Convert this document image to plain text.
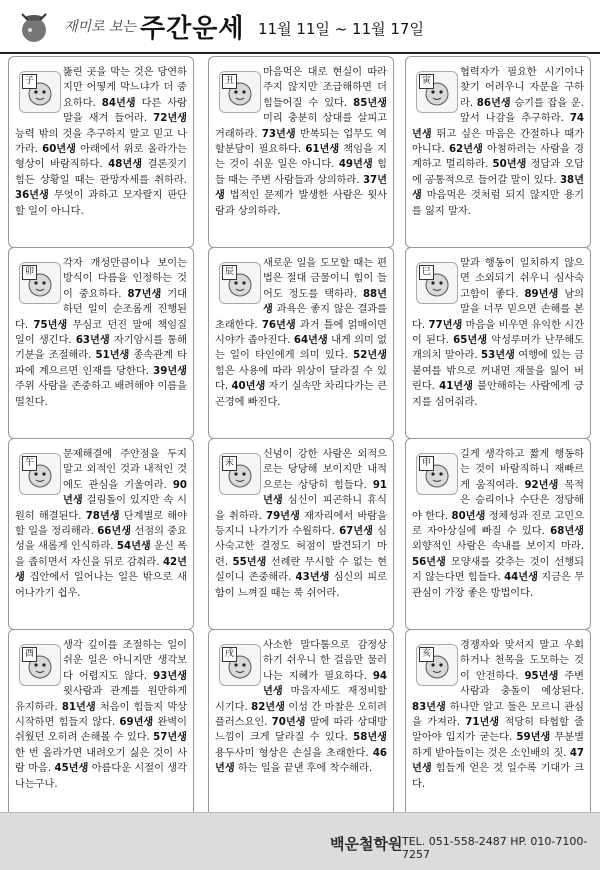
재미로 보는 주간운세 11월 11일 ~ 11월 17일
子
뚫린 곳을 막는 것은 당연하지만 어떻게 막느냐가 더 중요하다. 84년생 다른 사람 말을 새겨 들어라. 72년생 능력 밖의 것을 추구하지 말고 믿고 나가라. 60년생 아래에서 위로 올라가는 형상이 바람직하다. 48년생 결론짓기 힘든 상황일 때는 관망자세를 취하라. 36년생 무엇이 과하고 모자랄지 판단할 일이 아니다.
丑
마음먹은 대로 현실이 따라주지 않지만 조급해하면 더 힘들어질 수 있다. 85년생 미리 충분히 상대를 살피고 거래하라. 73년생 반복되는 업무도 역할분담이 필요하다. 61년생 책임을 지는 것이 쉬운 일은 아니다. 49년생 힘들 때는 주변 사람들과 상의하라. 37년생 법적인 문제가 발생한 사람은 윗사람과 상의하라.
寅
협력자가 필요한 시기이나 찾기 어려우니 자문을 구하라. 86년생 승기를 잡을 운. 앞서 나감을 추구하라. 74년생 뛰고 싶은 마음은 간절하나 때가 아니다. 62년생 아첨하려는 사람을 경계하고 멀리하라. 50년생 정답과 오답에 공통적으로 들어갈 말이 있다. 38년생 마음먹은 것처럼 되지 않지만 용기를 잃지 말자.
卯
각자 개성만큼이나 보이는 방식이 다름을 인정하는 것이 중요하다. 87년생 기대하던 일이 순조롭게 진행된다. 75년생 무심코 던진 말에 책임질 일이 생긴다. 63년생 자기암시를 통해 기분을 조절해라. 51년생 종속관계 타파에 계으르면 인재를 당한다. 39년생 주위 사람을 존중하고 배려해야 이름을 떨친다.
辰
새로운 일을 도모할 때는 편법은 절대 금물이니 힘이 들어도 정도를 택하라. 88년생 과욕은 좋지 않은 결과를 초래한다. 76년생 과거 틀에 얽매이면 시야가 좁아진다. 64년생 내게 의미 없는 일이 타인에게 의미 있다. 52년생 힘은 사용에 따라 위상이 달라질 수 있다. 40년생 자기 실속만 차리다가는 큰 곤경에 빠진다.
巳
말과 행동이 일치하지 않으면 소외되기 쉬우니 심사숙고함이 좋다. 89년생 남의 말을 너무 믿으면 손해를 본다. 77년생 마음을 비우면 유익한 시간이 된다. 65년생 악성루머가 난무해도 개의치 말아라. 53년생 여행에 있는 금붙여를 밖으로 꺼내면 재물을 잃어 버린다. 41년생 불안해하는 사람에게 긍지를 심어줘라.
午
문제해결에 주안점을 두지 말고 외적인 것과 내적인 것에도 관심을 기울여라. 90년생 걸림돌이 있지만 속 시원히 해결된다. 78년생 단계별로 해야 할 일을 정리해라. 66년생 선점의 중요성을 새롭게 인식하라. 54년생 운신 폭을 좁히면서 자신을 뒤로 감춰라. 42년생 집안에서 일어나는 일은 밖으로 새어나가기 쉽우.
未
신념이 강한 사람은 외적으로는 당당해 보이지만 내적으로는 상당히 힘들다. 91년생 심신이 피곤하니 휴식을 취하라. 79년생 재자리에서 바람을 등지니 나가기가 수월하다. 67년생 심사숙고한 결정도 허점이 발견되기 마련. 55년생 선례란 무시할 수 없는 현실이니 존중해라. 43년생 심신의 피로함이 느껴질 때는 푹 쉬어라.
申
길게 생각하고 짧게 행동하는 것이 바람직하니 재빠르게 움직여라. 92년생 목적은 승리이나 수단은 정당해야 한다. 80년생 정체성과 진로 고민으로 자아상실에 빠질 수 있다. 68년생 외향적인 사람은 속내를 보이지 마라. 56년생 모양새를 갖추는 것이 선행되지 않는다면 힘들다. 44년생 지금은 무관심이 가장 좋은 방법이다.
酉
생각 깊이를 조절하는 일이 쉬운 일은 아니지만 생각보다 어렵지도 않다. 93년생 윗사람과 관계를 원만하게 유지하라. 81년생 처음이 힘들지 막상 시작하면 힘들지 않다. 69년생 완벽이 쉬웠던 오히려 손해볼 수 있다. 57년생 한 번 올라가면 내려오기 싫은 것이 사람 마음. 45년생 아름다운 시절이 생각나는구나.
戌
사소한 말다툼으로 감정상하기 쉬우니 한 걸음만 물러나는 지혜가 필요하다. 94년생 마음자세도 재정비할 시기다. 82년생 이성 간 마찰은 오히려 플러스요인. 70년생 말에 따라 상대방 느낌이 크게 달라질 수 있다. 58년생 용두사미 형상은 손실을 초래한다. 46년생 하는 일을 끝낸 후에 착수해라.
亥
경쟁자와 맞서지 말고 우회하거나 천목을 도모하는 것이 안전하다. 95년생 주변 사람과 충돌이 예상된다. 83년생 하나만 알고 둘은 모르니 관심을 가져라. 71년생 적당히 타협할 줄 알아야 입지가 굳는다. 59년생 무분별하게 받아들이는 것은 소인배의 짓. 47년생 힘들게 얻은 것 일수록 기대가 크다.
백운철학원 TEL. 051-558-2487 HP. 010-7100-7257
